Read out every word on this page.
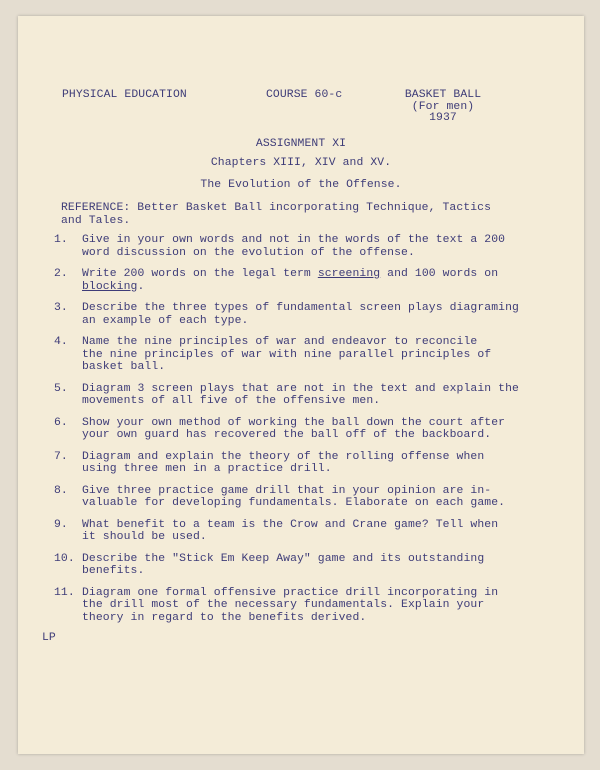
PHYSICAL EDUCATION	COURSE 60-c	BASKET BALL
(For men)
1937
ASSIGNMENT XI
Chapters XIII, XIV and XV.
The Evolution of the Offense.
REFERENCE: Better Basket Ball incorporating Technique, Tactics and Tales.
1.	Give in your own words and not in the words of the text a 200
word discussion on the evolution of the offense.
2.	Write 200 words on the legal term screening and 100 words on
blocking.
3.	Describe the three types of fundamental screen plays diagraming
an example of each type.
4.	Name the nine principles of war and endeavor to reconcile
the nine principles of war with nine parallel principles of
basket ball.
5.	Diagram 3 screen plays that are not in the text and explain the
movements of all five of the offensive men.
6.	Show your own method of working the ball down the court after
your own guard has recovered the ball off of the backboard.
7.	Diagram and explain the theory of the rolling offense when
using three men in a practice drill.
8.	Give three practice game drill that in your opinion are in-
valuable for developing fundamentals. Elaborate on each game.
9.	What benefit to a team is the Crow and Crane game? Tell when
it should be used.
10. Describe the "Stick Em Keep Away" game and its outstanding
benefits.
11. Diagram one formal offensive practice drill incorporating in
the drill most of the necessary fundamentals. Explain your
theory in regard to the benefits derived.
LP
